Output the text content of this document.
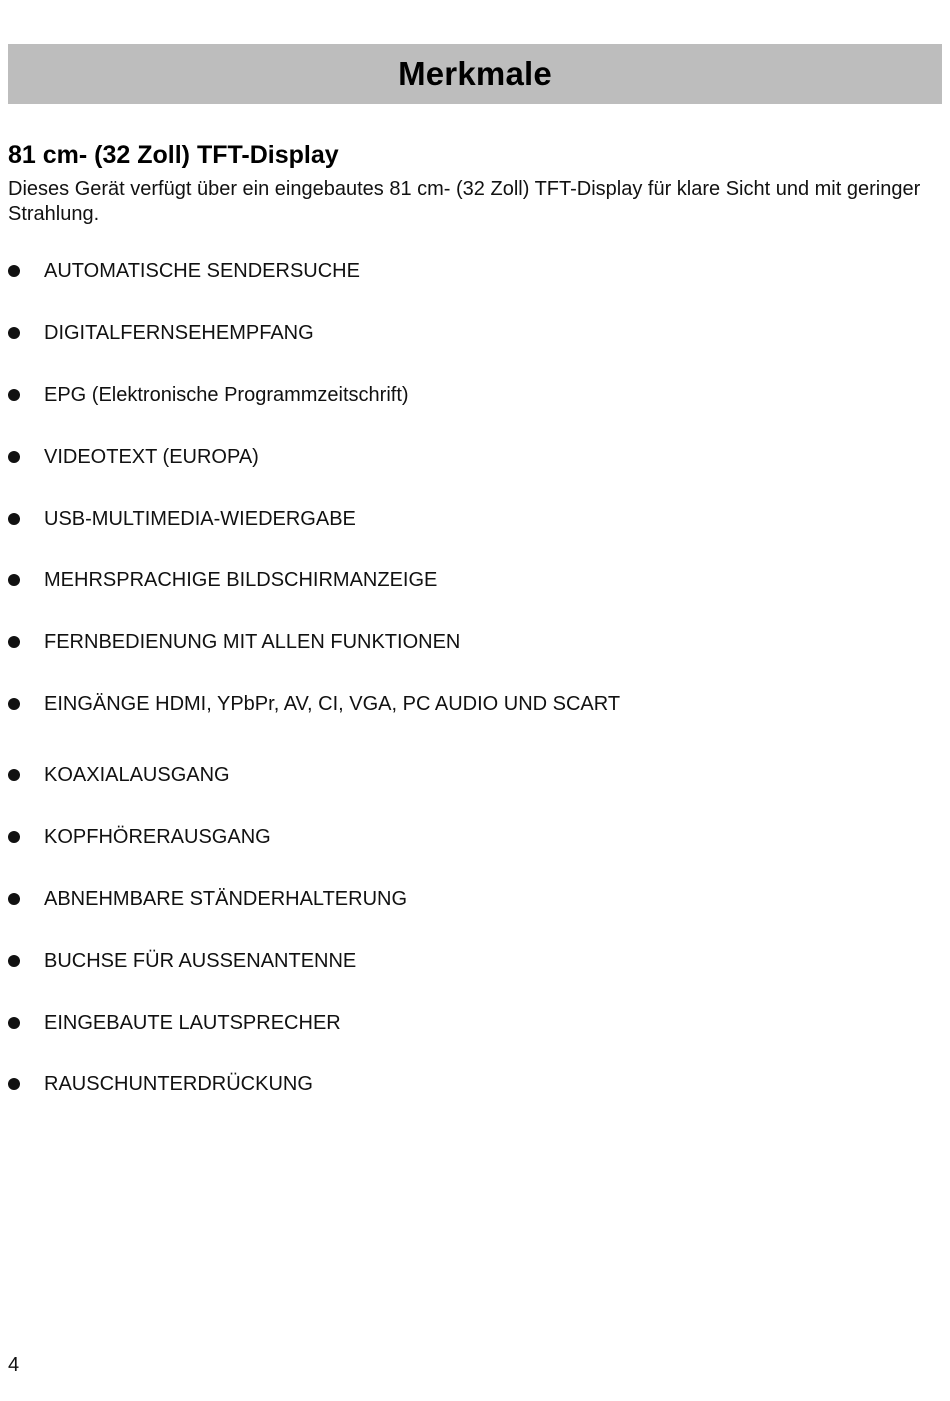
Merkmale
81 cm- (32 Zoll) TFT-Display

Dieses Gerät verfügt über ein eingebautes 81 cm- (32 Zoll) TFT-Display für klare Sicht und mit geringer Strahlung.

AUTOMATISCHE SENDERSUCHE
DIGITALFERNSEHEMPFANG
EPG (Elektronische Programmzeitschrift)
VIDEOTEXT (EUROPA)
USB-MULTIMEDIA-WIEDERGABE
MEHRSPRACHIGE BILDSCHIRMANZEIGE
FERNBEDIENUNG MIT ALLEN FUNKTIONEN
EINGÄNGE HDMI, YPbPr, AV, CI, VGA, PC AUDIO UND SCART
KOAXIALAUSGANG
KOPFHÖRERAUSGANG
ABNEHMBARE STÄNDERHALTERUNG
BUCHSE FÜR AUSSENANTENNE
EINGEBAUTE LAUTSPRECHER
RAUSCHUNTERDRÜCKUNG
4
